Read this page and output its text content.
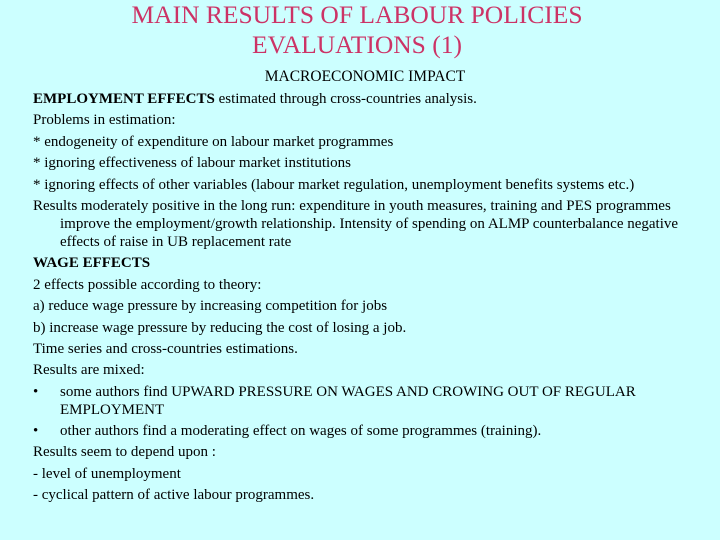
MAIN RESULTS OF LABOUR POLICIES
EVALUATIONS (1)
MACROECONOMIC IMPACT
EMPLOYMENT EFFECTS estimated through cross-countries analysis.
Problems in estimation:
* endogeneity of expenditure on labour market programmes
* ignoring effectiveness of labour market institutions
* ignoring effects of other variables (labour market regulation, unemployment benefits systems etc.)
Results moderately positive in the long run: expenditure in youth measures, training and PES programmes improve the employment/growth relationship. Intensity of spending on ALMP counterbalance negative effects of raise in UB replacement rate
WAGE EFFECTS
2 effects possible according to theory:
a) reduce wage pressure by increasing competition for jobs
b) increase wage pressure by reducing the cost of losing a job.
Time series and cross-countries estimations.
Results are mixed:
• some authors find UPWARD PRESSURE ON WAGES AND CROWING OUT OF REGULAR EMPLOYMENT
• other authors find a moderating effect on wages of some programmes (training).
Results seem to depend upon :
- level of unemployment
- cyclical pattern of active labour programmes.
